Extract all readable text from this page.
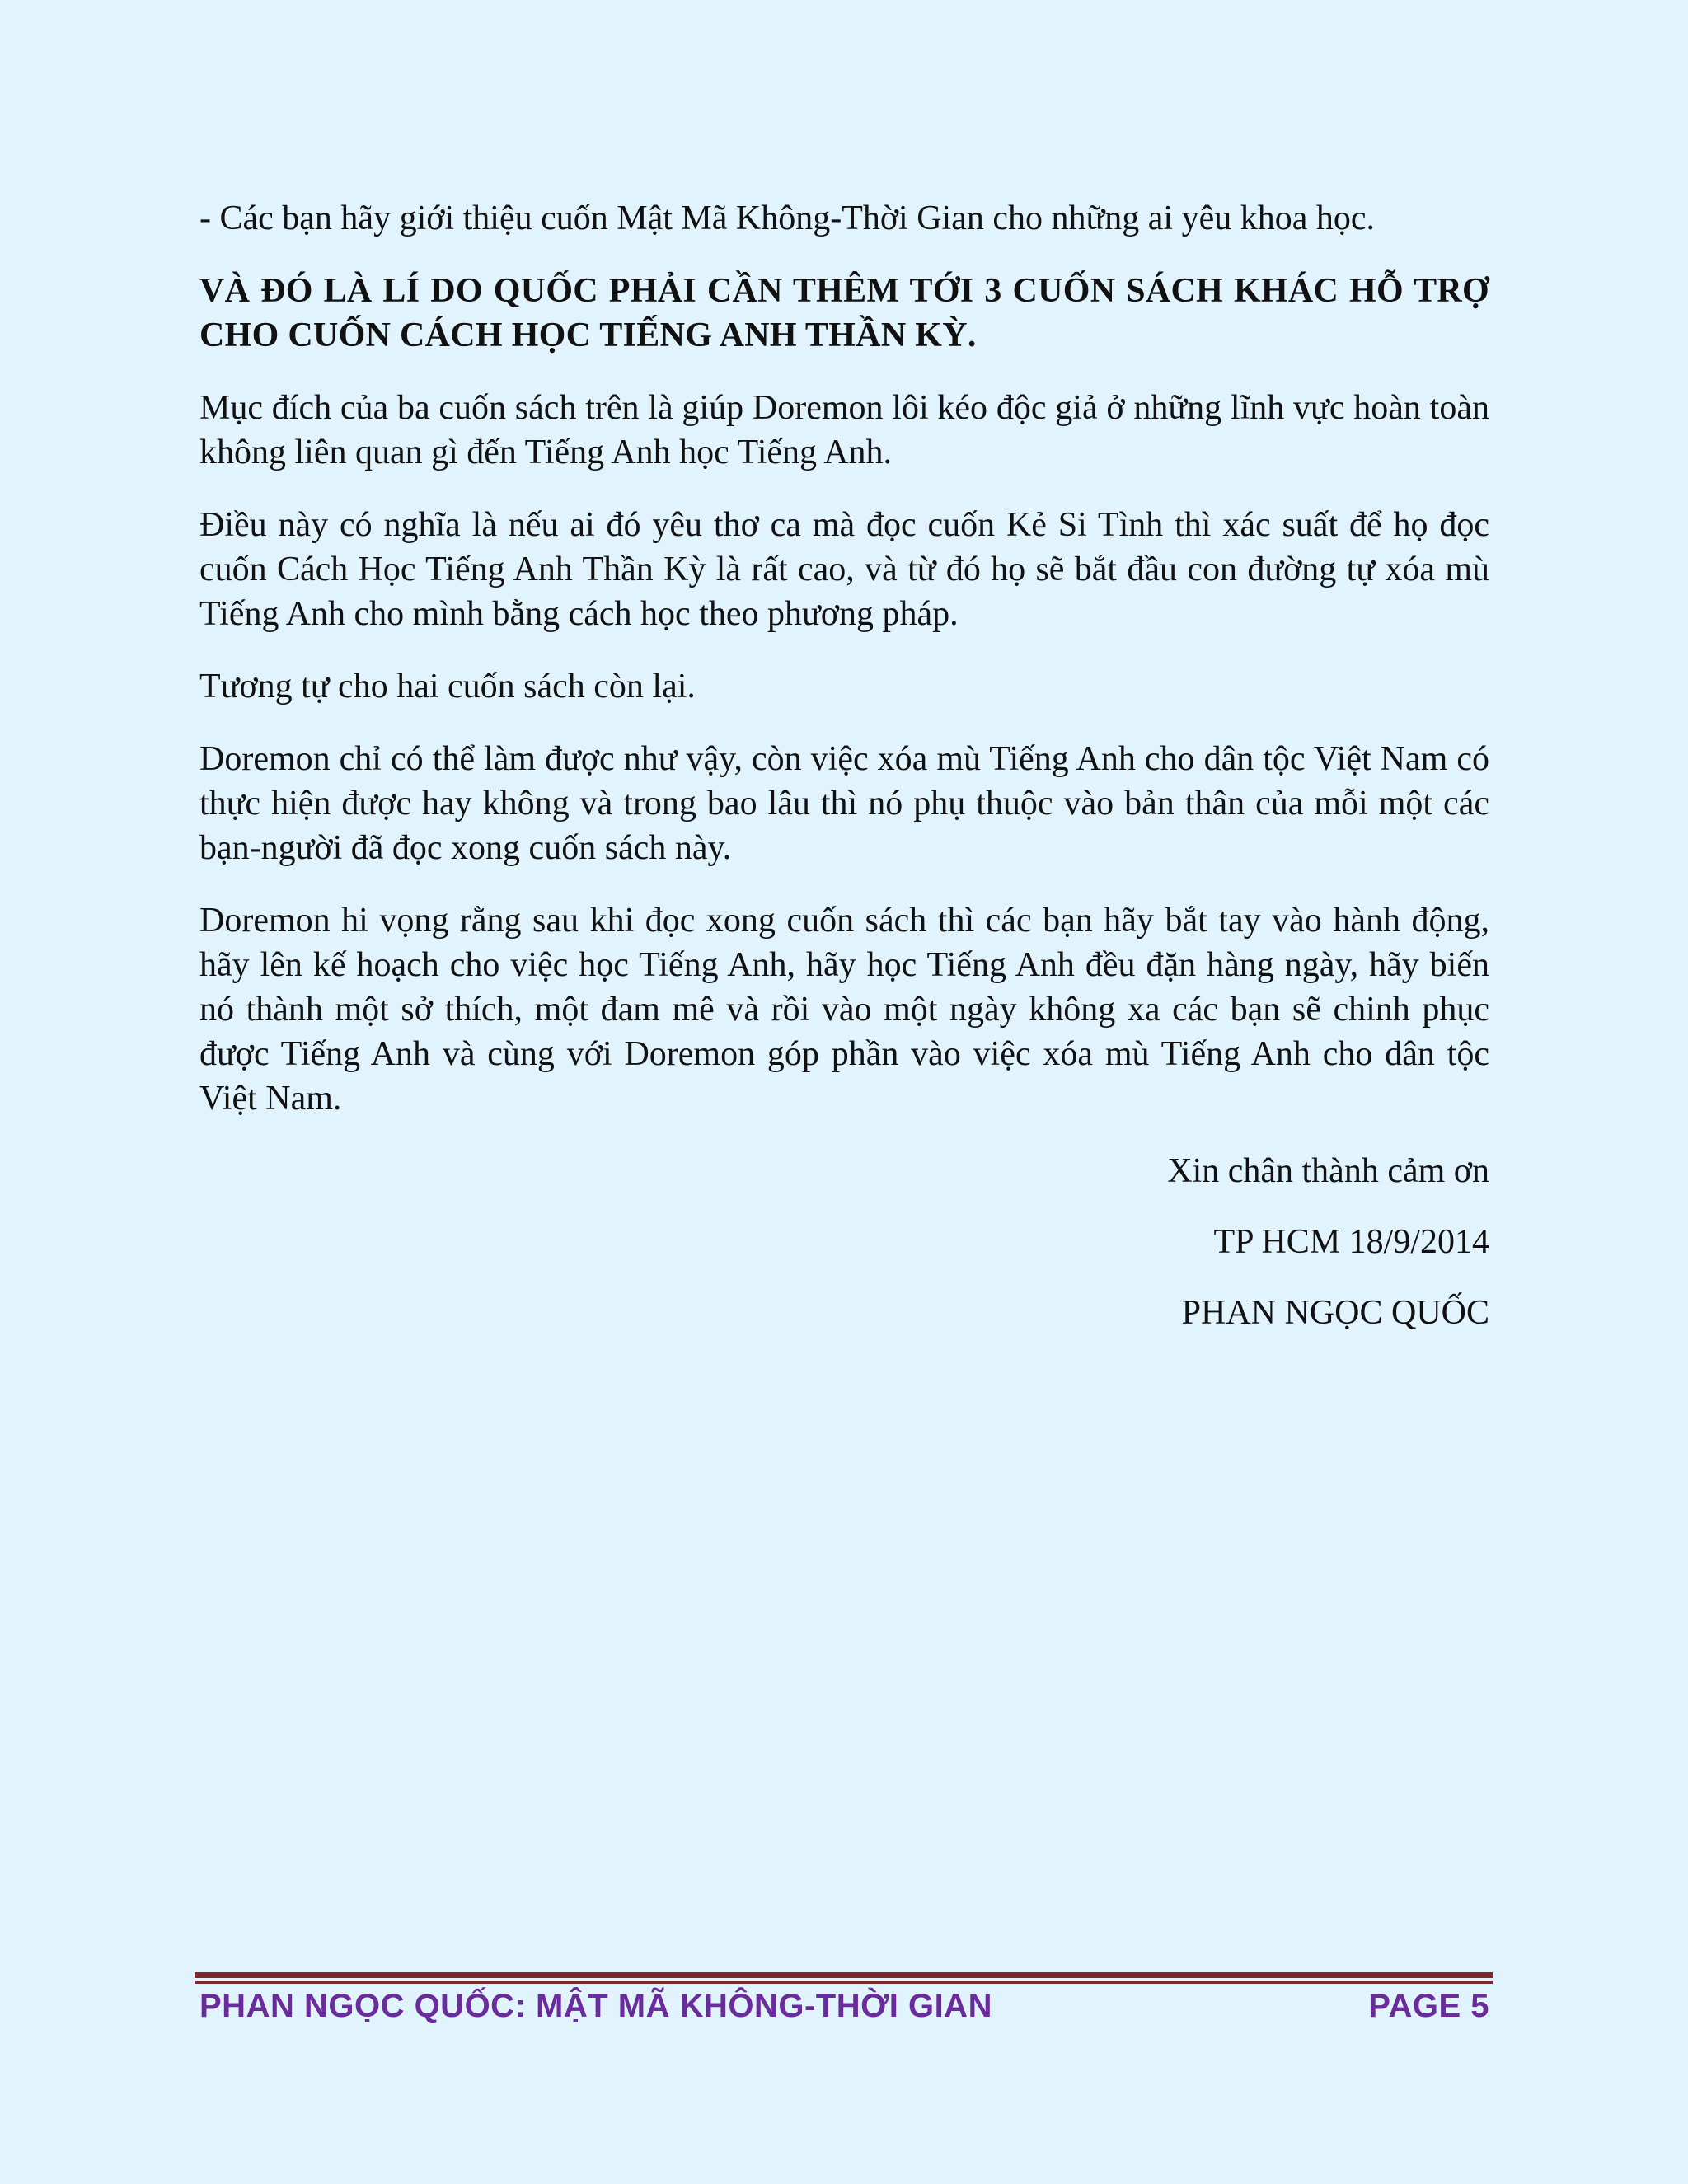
- Các bạn hãy giới thiệu cuốn Mật Mã Không-Thời Gian cho những ai yêu khoa học.

VÀ ĐÓ LÀ LÍ DO QUỐC PHẢI CẦN THÊM TỚI 3 CUỐN SÁCH KHÁC HỖ TRỢ CHO CUỐN CÁCH HỌC TIẾNG ANH THẦN KỲ.

Mục đích của ba cuốn sách trên là giúp Doremon lôi kéo độc giả ở những lĩnh vực hoàn toàn không liên quan gì đến Tiếng Anh học Tiếng Anh.

Điều này có nghĩa là nếu ai đó yêu thơ ca mà đọc cuốn Kẻ Si Tình thì xác suất để họ đọc cuốn Cách Học Tiếng Anh Thần Kỳ là rất cao, và từ đó họ sẽ bắt đầu con đường tự xóa mù Tiếng Anh cho mình bằng cách học theo phương pháp.

Tương tự cho hai cuốn sách còn lại.

Doremon chỉ có thể làm được như vậy, còn việc xóa mù Tiếng Anh cho dân tộc Việt Nam có thực hiện được hay không và trong bao lâu thì nó phụ thuộc vào bản thân của mỗi một các bạn-người đã đọc xong cuốn sách này.

Doremon hi vọng rằng sau khi đọc xong cuốn sách thì các bạn hãy bắt tay vào hành động, hãy lên kế hoạch cho việc học Tiếng Anh, hãy học Tiếng Anh đều đặn hàng ngày, hãy biến nó thành một sở thích, một đam mê và rồi vào một ngày không xa các bạn sẽ chinh phục được Tiếng Anh và cùng với Doremon góp phần vào việc xóa mù Tiếng Anh cho dân tộc Việt Nam.

Xin chân thành cảm ơn

TP HCM 18/9/2014

PHAN NGỌC QUỐC

PHAN NGỌC QUỐC: MẬT MÃ KHÔNG-THỜI GIAN	PAGE 5
